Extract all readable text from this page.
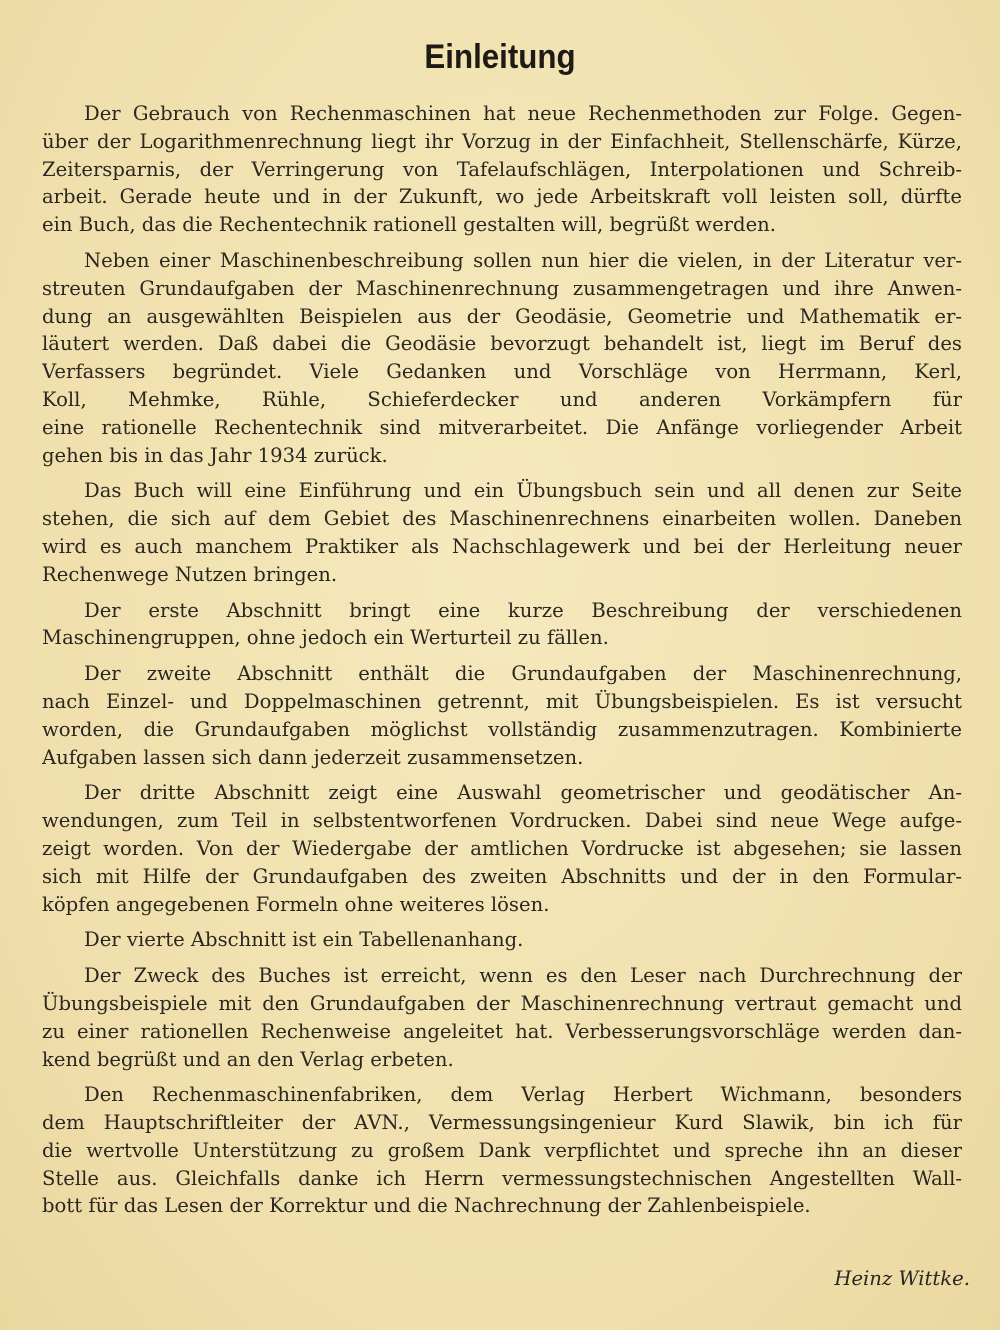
Einleitung
Der Gebrauch von Rechenmaschinen hat neue Rechenmethoden zur Folge. Gegen-
über der Logarithmenrechnung liegt ihr Vorzug in der Einfachheit, Stellenschärfe, Kürze,
Zeitersparnis, der Verringerung von Tafelaufschlägen, Interpolationen und Schreib-
arbeit. Gerade heute und in der Zukunft, wo jede Arbeitskraft voll leisten soll, dürfte
ein Buch, das die Rechentechnik rationell gestalten will, begrüßt werden.
Neben einer Maschinenbeschreibung sollen nun hier die vielen, in der Literatur ver-
streuten Grundaufgaben der Maschinenrechnung zusammengetragen und ihre Anwen-
dung an ausgewählten Beispielen aus der Geodäsie, Geometrie und Mathematik er-
läutert werden. Daß dabei die Geodäsie bevorzugt behandelt ist, liegt im Beruf des
Verfassers begründet. Viele Gedanken und Vorschläge von Herrmann, Kerl,
Koll, Mehmke, Rühle, Schieferdecker und anderen Vorkämpfern für
eine rationelle Rechentechnik sind mitverarbeitet. Die Anfänge vorliegender Arbeit
gehen bis in das Jahr 1934 zurück.
Das Buch will eine Einführung und ein Übungsbuch sein und all denen zur Seite
stehen, die sich auf dem Gebiet des Maschinenrechnens einarbeiten wollen. Daneben
wird es auch manchem Praktiker als Nachschlagewerk und bei der Herleitung neuer
Rechenwege Nutzen bringen.
Der erste Abschnitt bringt eine kurze Beschreibung der verschiedenen
Maschinengruppen, ohne jedoch ein Werturteil zu fällen.
Der zweite Abschnitt enthält die Grundaufgaben der Maschinenrechnung,
nach Einzel- und Doppelmaschinen getrennt, mit Übungsbeispielen. Es ist versucht
worden, die Grundaufgaben möglichst vollständig zusammenzutragen. Kombinierte
Aufgaben lassen sich dann jederzeit zusammensetzen.
Der dritte Abschnitt zeigt eine Auswahl geometrischer und geodätischer An-
wendungen, zum Teil in selbstentworfenen Vordrucken. Dabei sind neue Wege aufge-
zeigt worden. Von der Wiedergabe der amtlichen Vordrucke ist abgesehen; sie lassen
sich mit Hilfe der Grundaufgaben des zweiten Abschnitts und der in den Formular-
köpfen angegebenen Formeln ohne weiteres lösen.
Der vierte Abschnitt ist ein Tabellenanhang.
Der Zweck des Buches ist erreicht, wenn es den Leser nach Durchrechnung der
Übungsbeispiele mit den Grundaufgaben der Maschinenrechnung vertraut gemacht und
zu einer rationellen Rechenweise angeleitet hat. Verbesserungsvorschläge werden dan-
kend begrüßt und an den Verlag erbeten.
Den Rechenmaschinenfabriken, dem Verlag Herbert Wichmann, besonders
dem Hauptschriftleiter der AVN., Vermessungsingenieur Kurd Slawik, bin ich für
die wertvolle Unterstützung zu großem Dank verpflichtet und spreche ihn an dieser
Stelle aus. Gleichfalls danke ich Herrn vermessungstechnischen Angestellten Wall-
bott für das Lesen der Korrektur und die Nachrechnung der Zahlenbeispiele.
Heinz Wittke.
